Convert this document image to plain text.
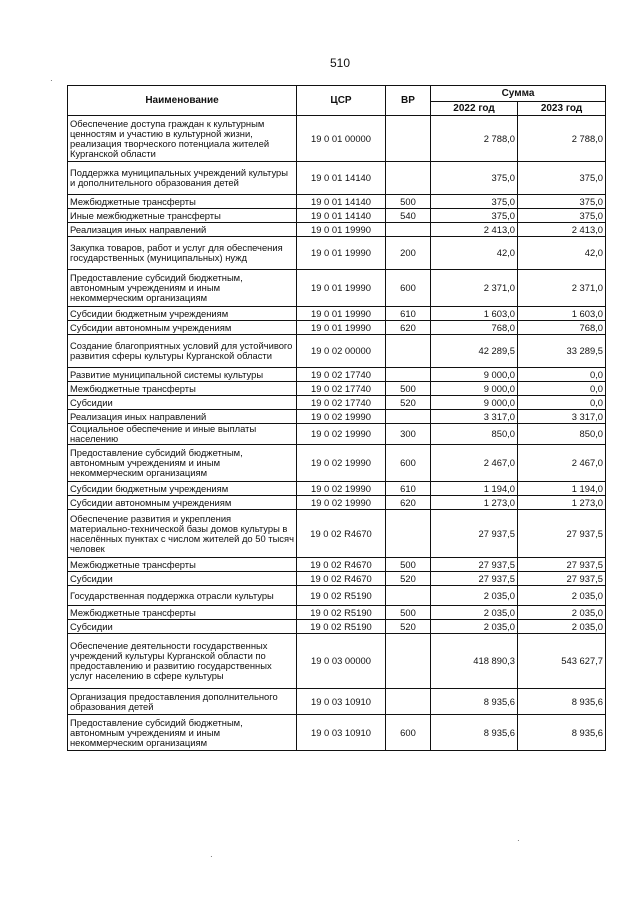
510
Наименование	ЦСР	ВР	Сумма	
			2022 год	2023 год
Обеспечение доступа граждан к культурным ценностям и участию в культурной жизни, реализация творческого потенциала жителей Курганской области	19 0 01 00000		2 788,0	2 788,0
Поддержка муниципальных учреждений культуры и дополнительного образования детей	19 0 01 14140		375,0	375,0
Межбюджетные трансферты	19 0 01 14140	500	375,0	375,0
Иные межбюджетные трансферты	19 0 01 14140	540	375,0	375,0
Реализация иных направлений	19 0 01 19990		2 413,0	2 413,0
Закупка товаров, работ и услуг для обеспечения государственных (муниципальных) нужд	19 0 01 19990	200	42,0	42,0
Предоставление субсидий бюджетным, автономным учреждениям и иным некоммерческим организациям	19 0 01 19990	600	2 371,0	2 371,0
Субсидии бюджетным учреждениям	19 0 01 19990	610	1 603,0	1 603,0
Субсидии автономным учреждениям	19 0 01 19990	620	768,0	768,0
Создание благоприятных условий для устойчивого развития сферы культуры Курганской области	19 0 02 00000		42 289,5	33 289,5
Развитие муниципальной системы культуры	19 0 02 17740		9 000,0	0,0
Межбюджетные трансферты	19 0 02 17740	500	9 000,0	0,0
Субсидии	19 0 02 17740	520	9 000,0	0,0
Реализация иных направлений	19 0 02 19990		3 317,0	3 317,0
Социальное обеспечение и иные выплаты населению	19 0 02 19990	300	850,0	850,0
Предоставление субсидий бюджетным, автономным учреждениям и иным некоммерческим организациям	19 0 02 19990	600	2 467,0	2 467,0
Субсидии бюджетным учреждениям	19 0 02 19990	610	1 194,0	1 194,0
Субсидии автономным учреждениям	19 0 02 19990	620	1 273,0	1 273,0
Обеспечение развития и укрепления материально-технической базы домов культуры в населённых пунктах с числом жителей до 50 тысяч человек	19 0 02 R4670		27 937,5	27 937,5
Межбюджетные трансферты	19 0 02 R4670	500	27 937,5	27 937,5
Субсидии	19 0 02 R4670	520	27 937,5	27 937,5
Государственная поддержка отрасли культуры	19 0 02 R5190		2 035,0	2 035,0
Межбюджетные трансферты	19 0 02 R5190	500	2 035,0	2 035,0
Субсидии	19 0 02 R5190	520	2 035,0	2 035,0
Обеспечение деятельности государственных учреждений культуры Курганской области по предоставлению и развитию государственных услуг населению в сфере культуры	19 0 03 00000		418 890,3	543 627,7
Организация предоставления дополнительного образования детей	19 0 03 10910		8 935,6	8 935,6
Предоставление субсидий бюджетным, автономным учреждениям и иным некоммерческим организациям	19 0 03 10910	600	8 935,6	8 935,6
·
·
·
